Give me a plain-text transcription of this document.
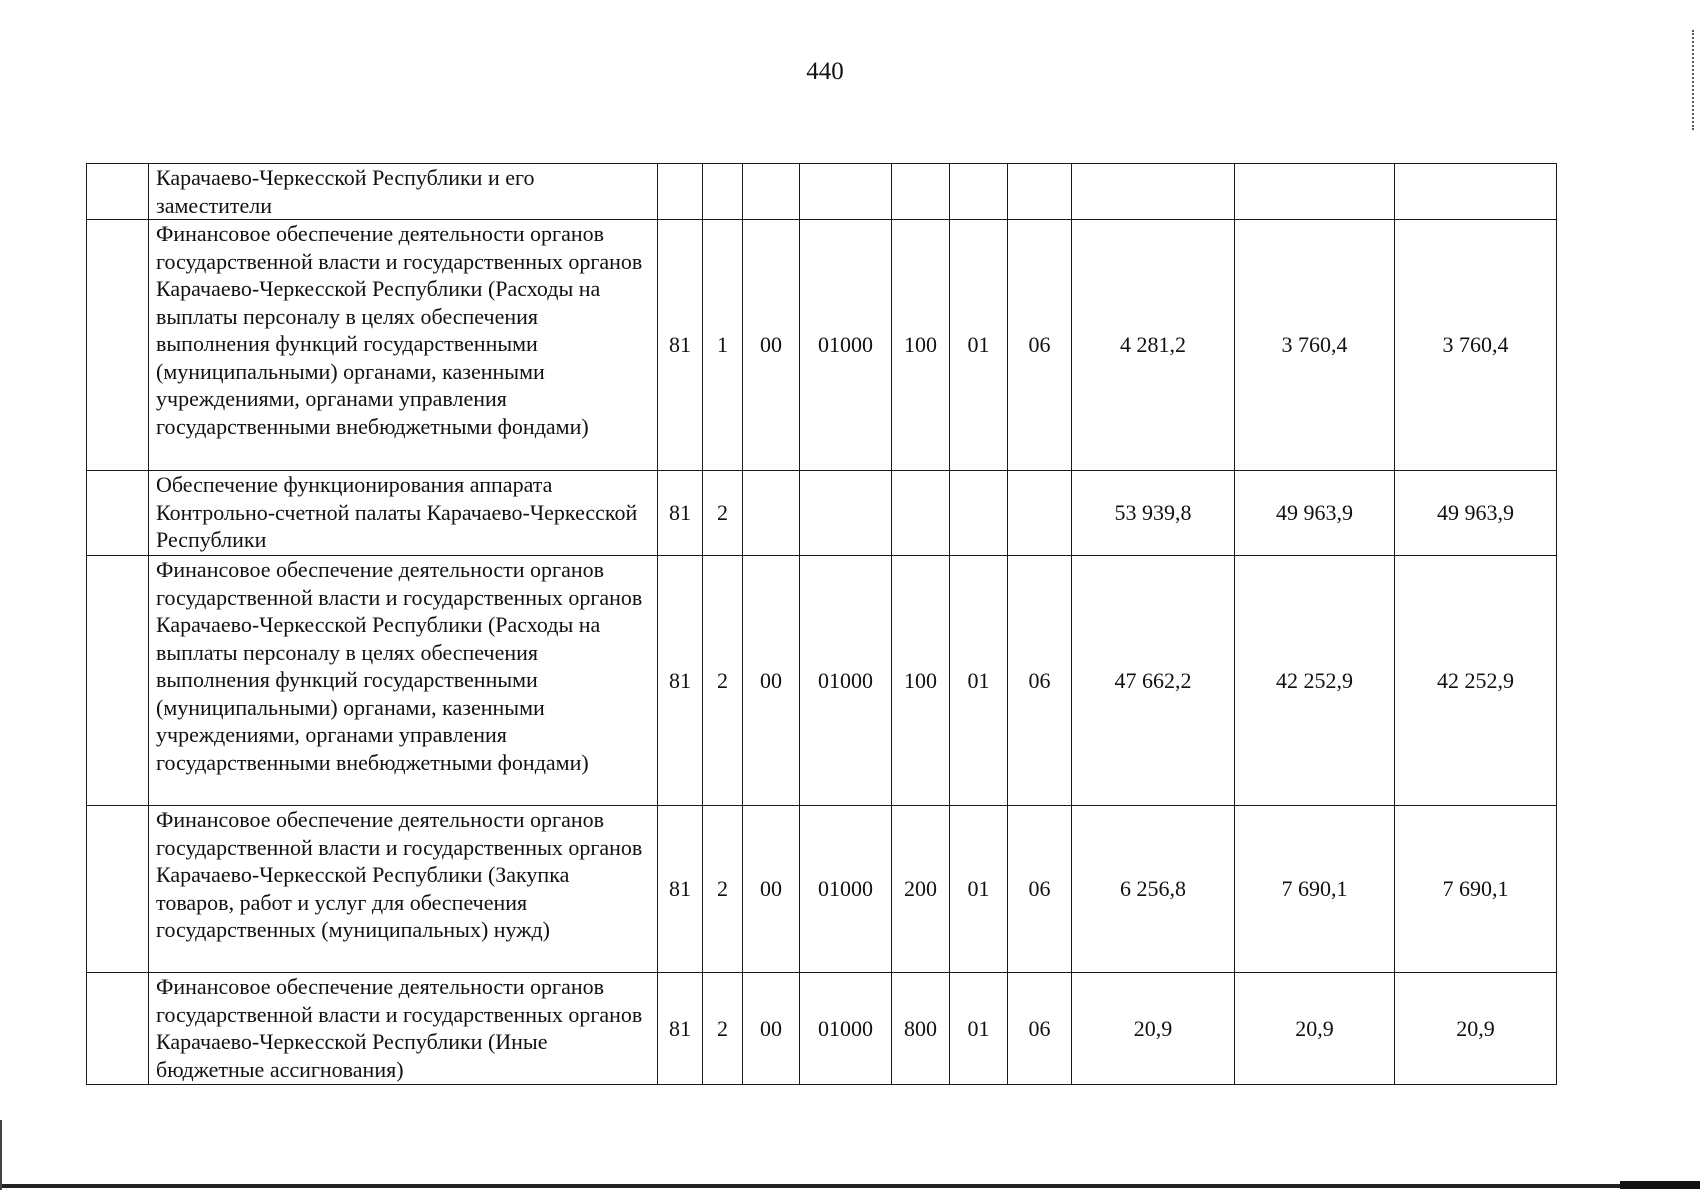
440
	Карачаево-Черкесской Республики и его заместители										
	Финансовое обеспечение деятельности органов государственной власти и государственных органов Карачаево-Черкесской Республики (Расходы на выплаты персоналу в целях обеспечения выполнения функций государственными (муниципальными) органами, казенными учреждениями, органами управления государственными внебюджетными фондами)	81	1	00	01000	100	01	06	4 281,2	3 760,4	3 760,4
	Обеспечение функционирования аппарата Контрольно-счетной палаты Карачаево-Черкесской Республики	81	2						53 939,8	49 963,9	49 963,9
	Финансовое обеспечение деятельности органов государственной власти и государственных органов Карачаево-Черкесской Республики (Расходы на выплаты персоналу в целях обеспечения выполнения функций государственными (муниципальными) органами, казенными учреждениями, органами управления государственными внебюджетными фондами)	81	2	00	01000	100	01	06	47 662,2	42 252,9	42 252,9
	Финансовое обеспечение деятельности органов государственной власти и государственных органов Карачаево-Черкесской Республики (Закупка товаров, работ и услуг для обеспечения государственных (муниципальных) нужд)	81	2	00	01000	200	01	06	6 256,8	7 690,1	7 690,1
	Финансовое обеспечение деятельности органов государственной власти и государственных органов Карачаево-Черкесской Республики (Иные бюджетные ассигнования)	81	2	00	01000	800	01	06	20,9	20,9	20,9
